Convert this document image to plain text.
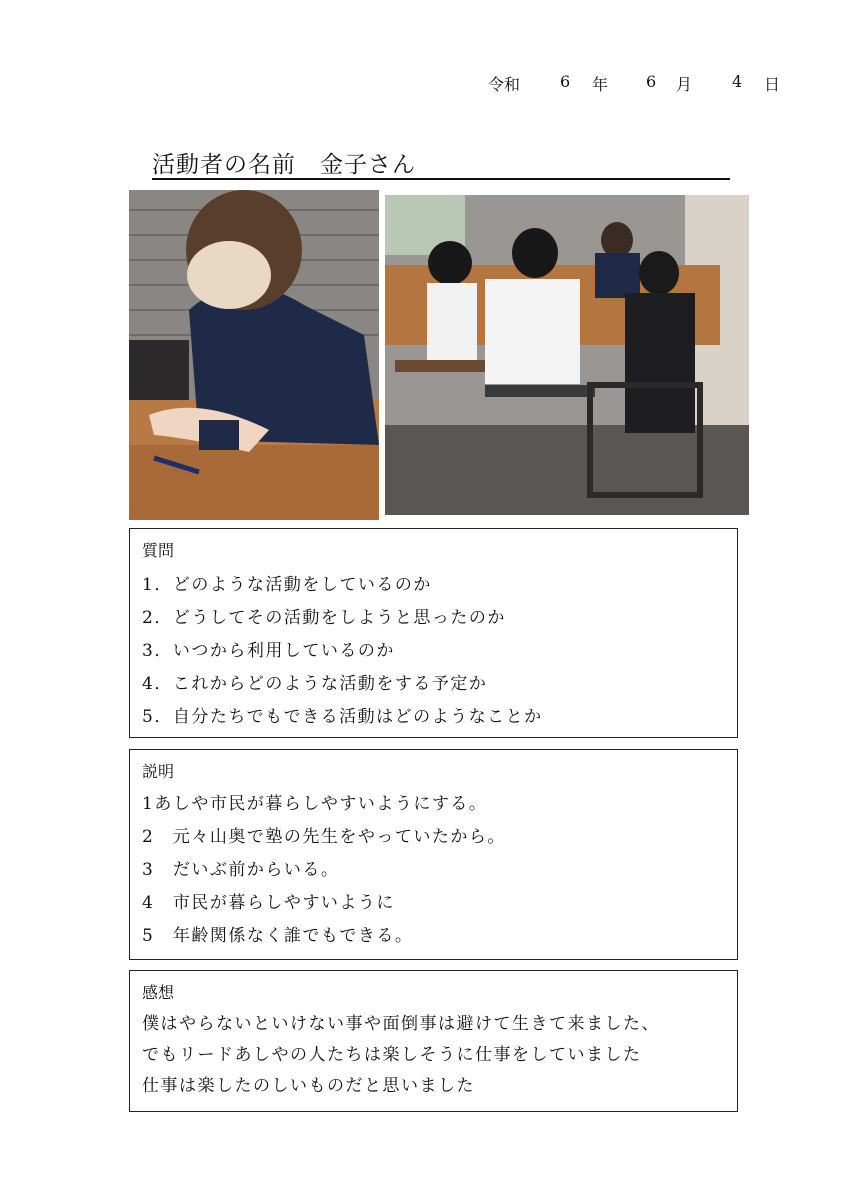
令和 6 年 6 月 4 日
活動者の名前　金子さん
質問
1．どのような活動をしているのか
2．どうしてその活動をしようと思ったのか
3．いつから利用しているのか
4．これからどのような活動をする予定か
5．自分たちでもできる活動はどのようなことか
説明
1あしや市民が暮らしやすいようにする。
2　元々山奥で塾の先生をやっていたから。
3　だいぶ前からいる。
4　市民が暮らしやすいように
5　年齢関係なく誰でもできる。
感想
僕はやらないといけない事や面倒事は避けて生きて来ました、
でもリードあしやの人たちは楽しそうに仕事をしていました
仕事は楽したのしいものだと思いました
